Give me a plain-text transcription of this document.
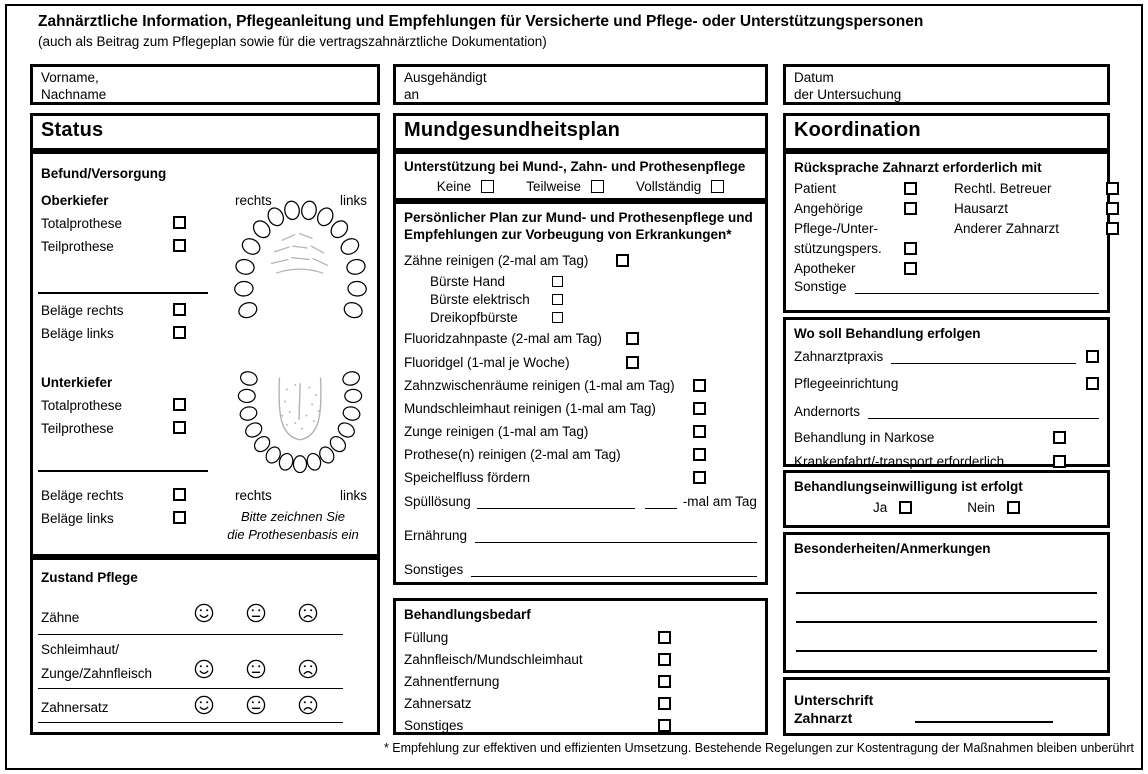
Zahnärztliche Information, Pflegeanleitung und Empfehlungen für Versicherte und Pflege- oder Unterstützungspersonen
(auch als Beitrag zum Pflegeplan sowie für die vertragszahnärztliche Dokumentation)
Vorname,
Nachname
Ausgehändigt
an
Datum
der Untersuchung
Status
Befund/Versorgung
Oberkiefer	rechts	links
Totalprothese
Teilprothese
Beläge rechts
Beläge links
Unterkiefer
Totalprothese
Teilprothese
Beläge rechts	rechts	links
Beläge links	Bitte zeichnen Sie
die Prothesenbasis ein
Zustand Pflege
Zähne
Schleimhaut/
Zunge/Zahnfleisch
Zahnersatz
Mundgesundheitsplan
Unterstützung bei Mund-, Zahn- und Prothesenpflege
Keine	Teilweise	Vollständig
Persönlicher Plan zur Mund- und Prothesenpflege und Empfehlungen zur Vorbeugung von Erkrankungen*
Zähne reinigen (2-mal am Tag)
Bürste Hand
Bürste elektrisch
Dreikopfbürste
Fluoridzahnpaste (2-mal am Tag)
Fluoridgel (1-mal je Woche)
Zahnzwischenräume reinigen (1-mal am Tag)
Mundschleimhaut reinigen (1-mal am Tag)
Zunge reinigen (1-mal am Tag)
Prothese(n) reinigen (2-mal am Tag)
Speichelfluss fördern
Spüllösung	-mal am Tag
Ernährung
Sonstiges
Behandlungsbedarf
Füllung
Zahnfleisch/Mundschleimhaut
Zahnentfernung
Zahnersatz
Sonstiges
Koordination
Rücksprache Zahnarzt erforderlich mit
Patient	Rechtl. Betreuer
Angehörige	Hausarzt
Pflege-/Unter-	Anderer Zahnarzt
stützungspers.
Apotheker
Sonstige
Wo soll Behandlung erfolgen
Zahnarztpraxis
Pflegeeinrichtung
Andernorts
Behandlung in Narkose
Krankenfahrt/-transport erforderlich
Behandlungseinwilligung ist erfolgt
Ja	Nein
Besonderheiten/Anmerkungen
Unterschrift
Zahnarzt
* Empfehlung zur effektiven und effizienten Umsetzung. Bestehende Regelungen zur Kostentragung der Maßnahmen bleiben unberührt
